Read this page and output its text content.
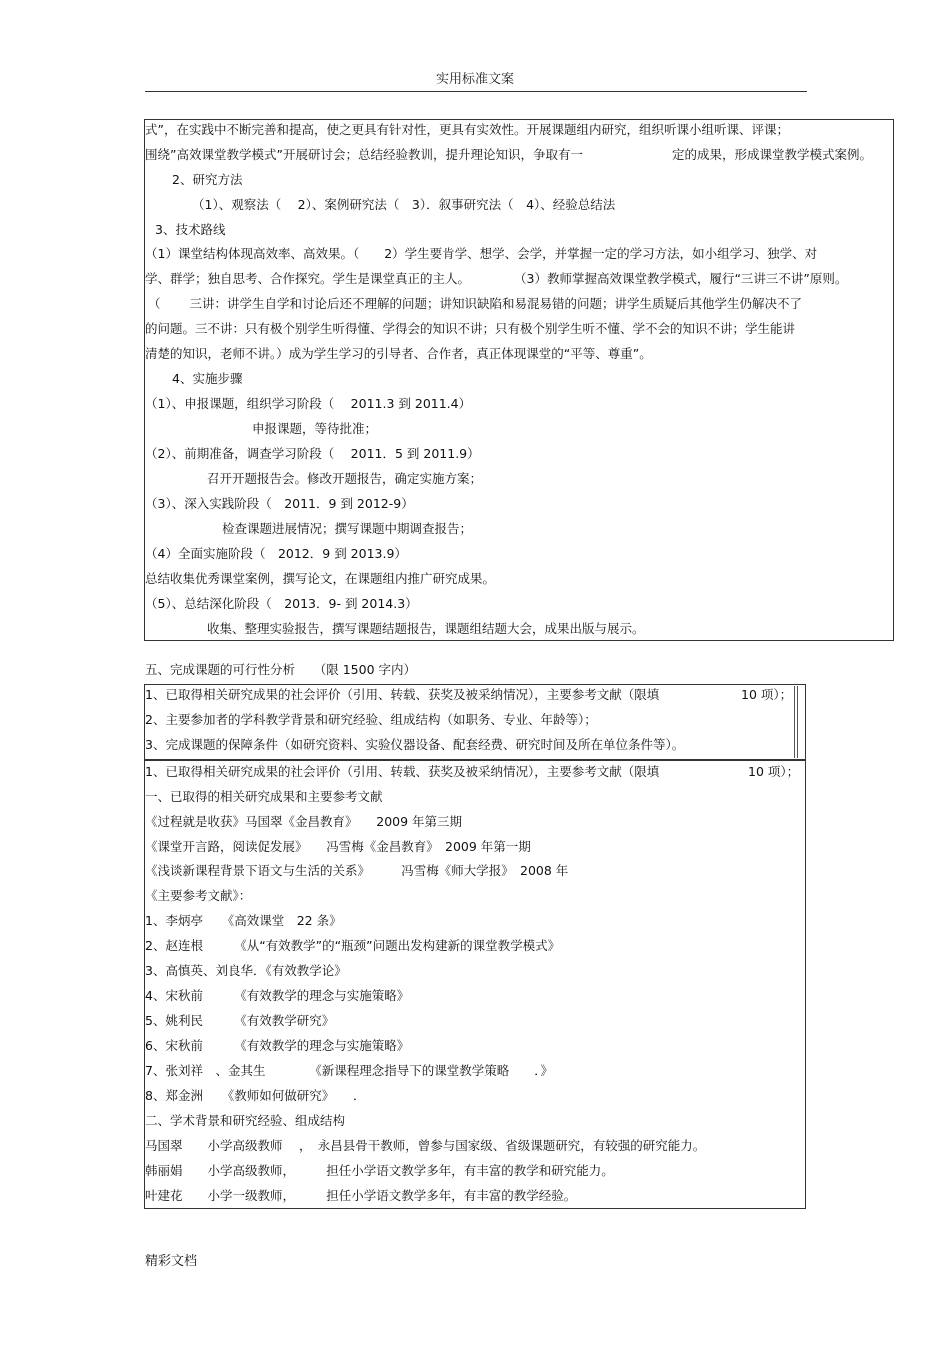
实用标准文案
式”，在实践中不断完善和提高，使之更具有针对性，更具有实效性。开展课题组内研究，组织听课小组听课、评课；
围绕”高效课堂教学模式”开展研讨会；总结经验教训，提升理论知识，争取有一	定的成果，形成课堂教学模式案例。
2、研究方法
（1）、观察法（　 2）、案例研究法（　3）．叙事研究法（　4）、经验总结法
3、技术路线
（1）课堂结构体现高效率、高效果。（　　2）学生要肯学、想学、会学，并掌握一定的学习方法，如小组学习、独学、对
学、群学；独自思考、合作探究。学生是课堂真正的主人。	（3）教师掌握高效课堂教学模式，履行“三讲三不讲”原则。
（　　 三讲：讲学生自学和讨论后还不理解的问题；讲知识缺陷和易混易错的问题；讲学生质疑后其他学生仍解决不了
的问题。三不讲：只有极个别学生听得懂、学得会的知识不讲；只有极个别学生听不懂、学不会的知识不讲；学生能讲
清楚的知识，老师不讲。）成为学生学习的引导者、合作者，真正体现课堂的“平等、尊重”。
4、实施步骤
（1）、申报课题，组织学习阶段（　 2011.3 到 2011.4）
申报课题，等待批准；
（2）、前期准备，调查学习阶段（　 2011．5 到 2011.9）
召开开题报告会。修改开题报告，确定实施方案；
（3）、深入实践阶段（　2011．9 到 2012-9）
检查课题进展情况；撰写课题中期调查报告；
（4）全面实施阶段（　2012．9 到 2013.9）
总结收集优秀课堂案例，撰写论文，在课题组内推广研究成果。
（5）、总结深化阶段（　2013．9- 到 2014.3）
收集、整理实验报告，撰写课题结题报告，课题组结题大会，成果出版与展示。
五、完成课题的可行性分析　　（限 1500 字内）
1、已取得相关研究成果的社会评价（引用、转载、获奖及被采纳情况），主要参考文献（限填	10 项）；
2、主要参加者的学科教学背景和研究经验、组成结构（如职务、专业、年龄等）；
3、完成课题的保障条件（如研究资料、实验仪器设备、配套经费、研究时间及所在单位条件等）。
1、已取得相关研究成果的社会评价（引用、转载、获奖及被采纳情况），主要参考文献（限填	10 项）；
一、已取得的相关研究成果和主要参考文献
《过程就是收获》马国翠《金昌教育》　　2009 年第三期
《课堂开言路，阅读促发展》　　冯雪梅《金昌教育》　2009 年第一期
《浅谈新课程背景下语文与生活的关系》　　　冯雪梅《师大学报》　2008 年
《主要参考文献》：
1、李炳亭　　《高效课堂　22 条》
2、赵连根　　　《从“有效教学”的“瓶颈”问题出发构建新的课堂教学模式》
3、高慎英、刘良华．《有效教学论》
4、宋秋前　　　《有效教学的理念与实施策略》
5、姚利民　　　《有效教学研究》
6、宋秋前　　　《有效教学的理念与实施策略》
7、张刘祥　、金其生　　　　《新课程理念指导下的课堂教学策略　　．》
8、郑金洲　　《教师如何做研究》　　．
二、学术背景和研究经验、组成结构
马国翠　　小学高级教师　 ，　永昌县骨干教师，曾参与国家级、省级课题研究，有较强的研究能力。
韩丽娟　　小学高级教师，　　　担任小学语文教学多年，有丰富的教学和研究能力。
叶建花　　小学一级教师，　　　担任小学语文教学多年，有丰富的教学经验。
精彩文档
